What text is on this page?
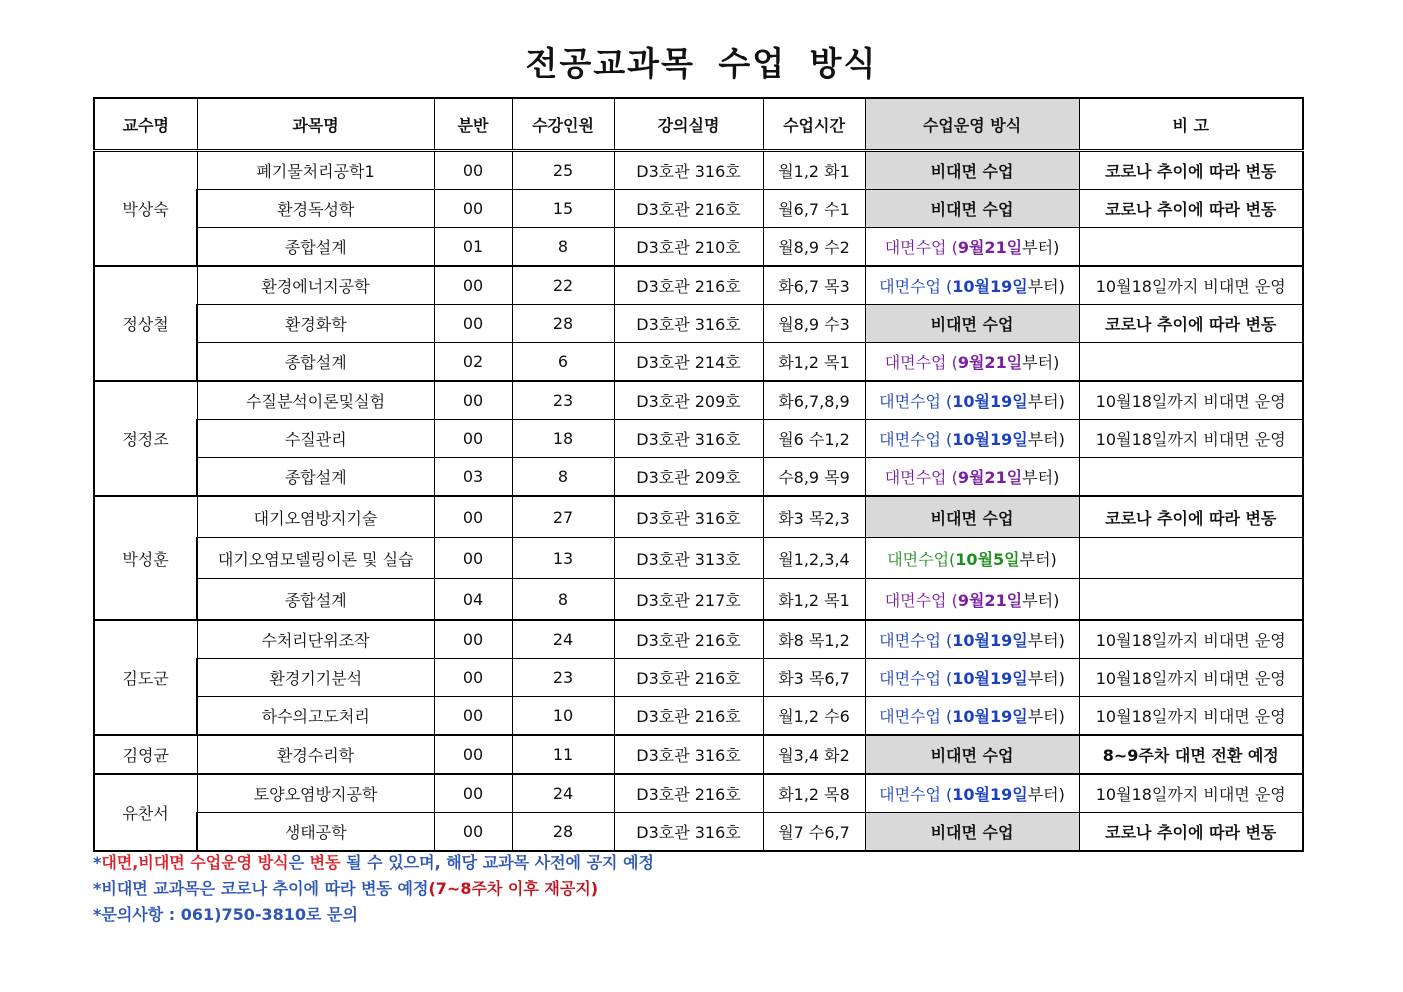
전공교과목 수업 방식
교수명	과목명	분반	수강인원	강의실명	수업시간	수업운영 방식	비 고
박상숙	폐기물처리공학1	00	25	D3호관 316호	월1,2 화1	비대면 수업	코로나 추이에 따라 변동
	환경독성학	00	15	D3호관 216호	월6,7 수1	비대면 수업	코로나 추이에 따라 변동
	종합설계	01	8	D3호관 210호	월8,9 수2	대면수업 (9월21일부터)	
정상철	환경에너지공학	00	22	D3호관 216호	화6,7 목3	대면수업 (10월19일부터)	10월18일까지 비대면 운영
	환경화학	00	28	D3호관 316호	월8,9 수3	비대면 수업	코로나 추이에 따라 변동
	종합설계	02	6	D3호관 214호	화1,2 목1	대면수업 (9월21일부터)	
정정조	수질분석이론및실험	00	23	D3호관 209호	화6,7,8,9	대면수업 (10월19일부터)	10월18일까지 비대면 운영
	수질관리	00	18	D3호관 316호	월6 수1,2	대면수업 (10월19일부터)	10월18일까지 비대면 운영
	종합설계	03	8	D3호관 209호	수8,9 목9	대면수업 (9월21일부터)	
박성훈	대기오염방지기술	00	27	D3호관 316호	화3 목2,3	비대면 수업	코로나 추이에 따라 변동
	대기오염모델링이론 및 실습	00	13	D3호관 313호	월1,2,3,4	대면수업(10월5일부터)	
	종합설계	04	8	D3호관 217호	화1,2 목1	대면수업 (9월21일부터)	
김도군	수처리단위조작	00	24	D3호관 216호	화8 목1,2	대면수업 (10월19일부터)	10월18일까지 비대면 운영
	환경기기분석	00	23	D3호관 216호	화3 목6,7	대면수업 (10월19일부터)	10월18일까지 비대면 운영
	하수의고도처리	00	10	D3호관 216호	월1,2 수6	대면수업 (10월19일부터)	10월18일까지 비대면 운영
김영균	환경수리학	00	11	D3호관 316호	월3,4 화2	비대면 수업	8~9주차 대면 전환 예정
유찬서	토양오염방지공학	00	24	D3호관 216호	화1,2 목8	대면수업 (10월19일부터)	10월18일까지 비대면 운영
	생태공학	00	28	D3호관 316호	월7 수6,7	비대면 수업	코로나 추이에 따라 변동
*대면,비대면 수업운영 방식은 변동 될 수 있으며, 해당 교과목 사전에 공지 예정
*비대면 교과목은 코로나 추이에 따라 변동 예정(7~8주차 이후 재공지)
*문의사항 : 061)750-3810로 문의
